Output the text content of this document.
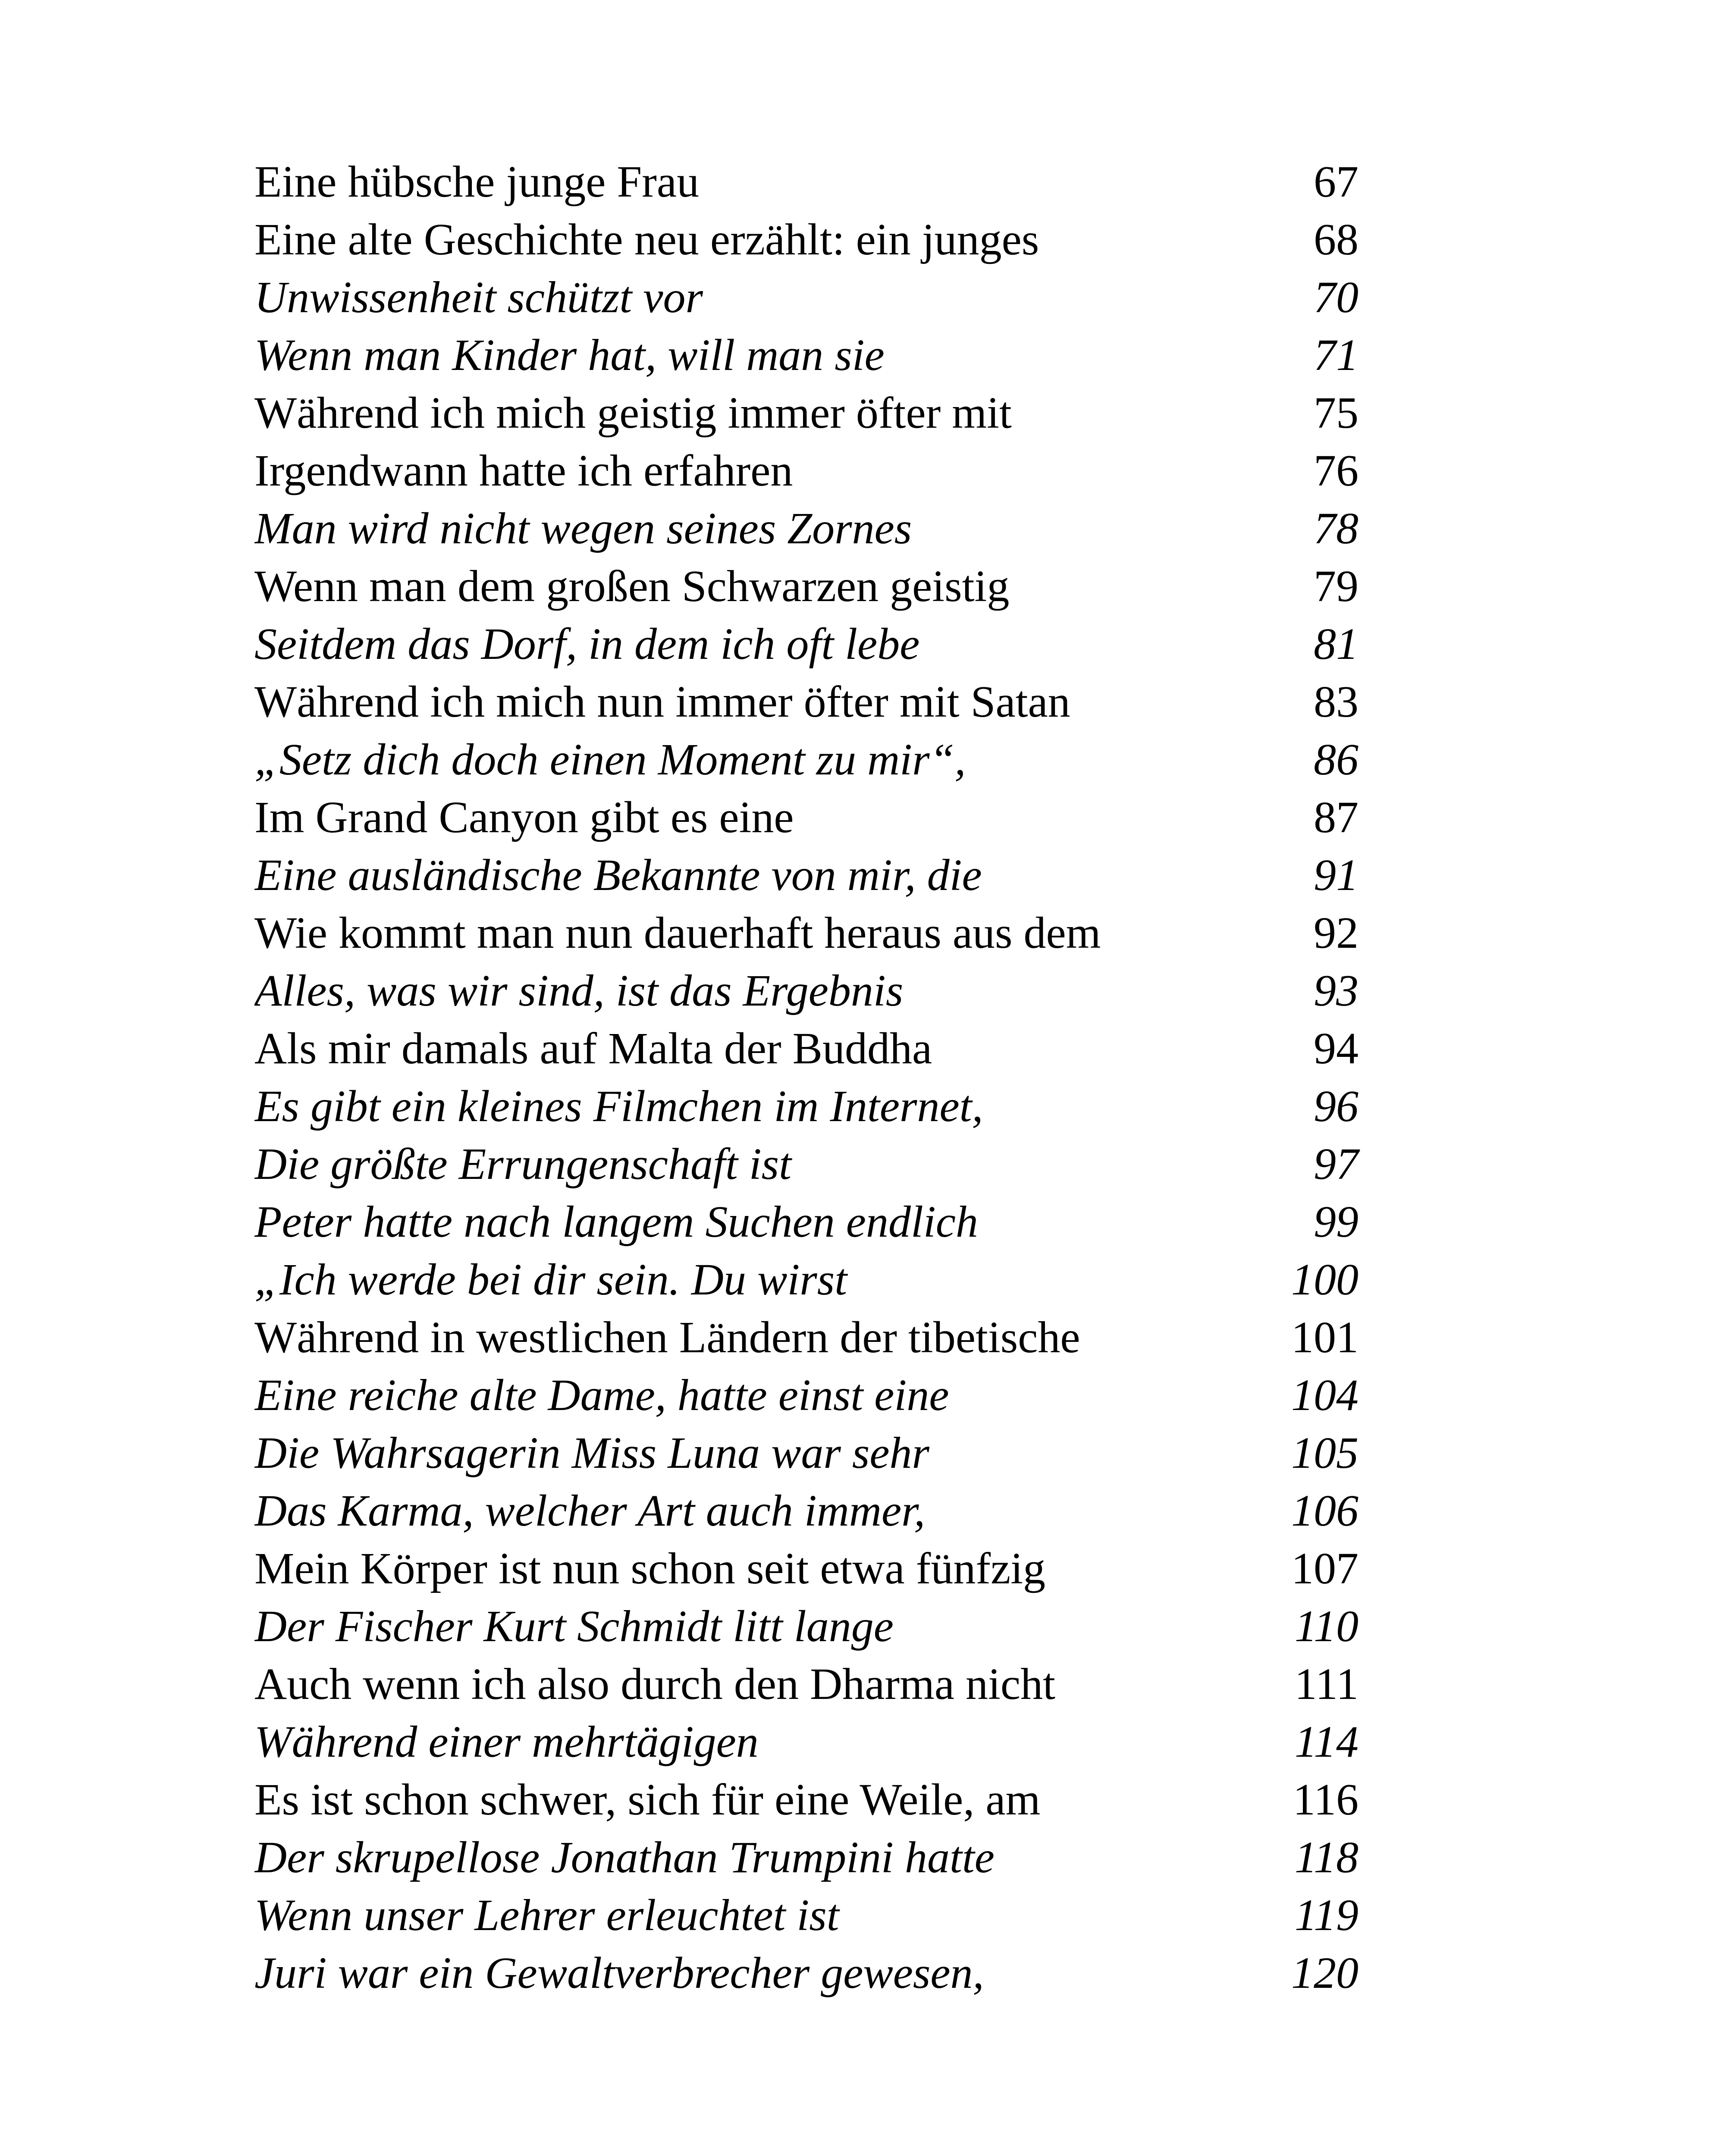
Eine hübsche junge Frau	67
Eine alte Geschichte neu erzählt: ein junges	68
Unwissenheit schützt vor	70
Wenn man Kinder hat, will man sie	71
Während ich mich geistig immer öfter mit	75
Irgendwann hatte ich erfahren	76
Man wird nicht wegen seines Zornes	78
Wenn man dem großen Schwarzen geistig	79
Seitdem das Dorf, in dem ich oft lebe	81
Während ich mich nun immer öfter mit Satan	83
„Setz dich doch einen Moment zu mir“,	86
Im Grand Canyon gibt es eine	87
Eine ausländische Bekannte von mir, die	91
Wie kommt man nun dauerhaft heraus aus dem	92
Alles, was wir sind, ist das Ergebnis	93
Als mir damals auf Malta der Buddha	94
Es gibt ein kleines Filmchen im Internet,	96
Die größte Errungenschaft ist	97
Peter hatte nach langem Suchen endlich	99
„Ich werde bei dir sein. Du wirst	100
Während in westlichen Ländern der tibetische	101
Eine reiche alte Dame, hatte einst eine	104
Die Wahrsagerin Miss Luna war sehr	105
Das Karma, welcher Art auch immer,	106
Mein Körper ist nun schon seit etwa fünfzig	107
Der Fischer Kurt Schmidt litt lange	110
Auch wenn ich also durch den Dharma nicht	111
Während einer mehrtägigen	114
Es ist schon schwer, sich für eine Weile, am	116
Der skrupellose Jonathan Trumpini hatte	118
Wenn unser Lehrer erleuchtet ist	119
Juri war ein Gewaltverbrecher gewesen,	120
